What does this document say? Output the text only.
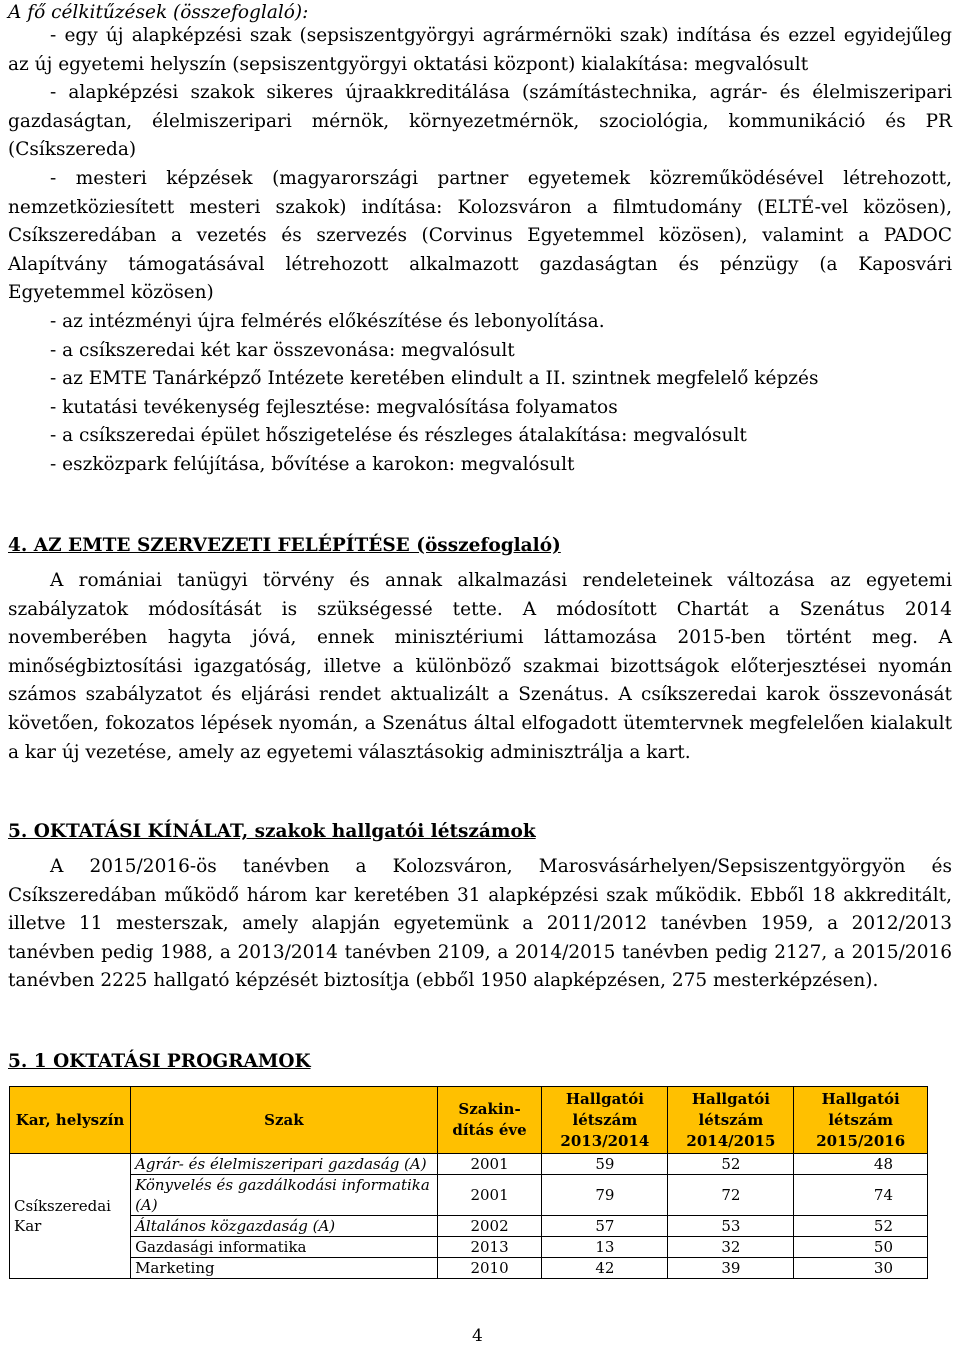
A fő célkitűzések (összefoglaló):

- egy új alapképzési szak (sepsiszentgyörgyi agrármérnöki szak) indítása és ezzel egyidejűleg az új egyetemi helyszín (sepsiszentgyörgyi oktatási központ) kialakítása: megvalósult

- alapképzési szakok sikeres újraakkreditálása (számítástechnika, agrár- és élelmiszeripari gazdaságtan, élelmiszeripari mérnök, környezetmérnök, szociológia, kommunikáció és PR (Csíkszereda)

- mesteri képzések (magyarországi partner egyetemek közreműködésével létrehozott, nemzetköziesített mesteri szakok) indítása: Kolozsváron a filmtudomány (ELTÉ-vel közösen), Csíkszeredában a vezetés és szervezés (Corvinus Egyetemmel közösen), valamint a PADOC Alapítvány támogatásával létrehozott alkalmazott gazdaságtan és pénzügy (a Kaposvári Egyetemmel közösen)

- az intézményi újra felmérés előkészítése és lebonyolítása.

- a csíkszeredai két kar összevonása: megvalósult

- az EMTE Tanárképző Intézete keretében elindult a II. szintnek megfelelő képzés

- kutatási tevékenység fejlesztése: megvalósítása folyamatos

- a csíkszeredai épület hőszigetelése és részleges átalakítása: megvalósult

- eszközpark felújítása, bővítése a karokon: megvalósult

4. AZ EMTE SZERVEZETI FELÉPÍTÉSE (összefoglaló)

A romániai tanügyi törvény és annak alkalmazási rendeleteinek változása az egyetemi szabályzatok módosítását is szükségessé tette. A módosított Chartát a Szenátus 2014 novemberében hagyta jóvá, ennek minisztériumi láttamozása 2015-ben történt meg. A minőségbiztosítási igazgatóság, illetve a különböző szakmai bizottságok előterjesztései nyomán számos szabályzatot és eljárási rendet aktualizált a Szenátus. A csíkszeredai karok összevonását követően, fokozatos lépések nyomán, a Szenátus által elfogadott ütemtervnek megfelelően kialakult a kar új vezetése, amely az egyetemi választásokig adminisztrálja a kart.

5. OKTATÁSI KÍNÁLAT, szakok hallgatói létszámok

A 2015/2016-ös tanévben a Kolozsváron, Marosvásárhelyen/Sepsiszentgyörgyön és Csíkszeredában működő három kar keretében 31 alapképzési szak működik. Ebből 18 akkreditált, illetve 11 mesterszak, amely alapján egyetemünk a 2011/2012 tanévben 1959, a 2012/2013 tanévben pedig 1988, a 2013/2014 tanévben 2109, a 2014/2015 tanévben pedig 2127, a 2015/2016 tanévben 2225 hallgató képzését biztosítja (ebből 1950 alapképzésen, 275 mesterképzésen).

5. 1 OKTATÁSI PROGRAMOK

Kar, helyszín	Szak	Szakin-dítás éve	Hallgatói létszám 2013/2014	Hallgatói létszám 2014/2015	Hallgatói létszám 2015/2016
Csíkszeredai Kar	Agrár- és élelmiszeripari gazdaság (A)	2001	59	52	48
	Könyvelés és gazdálkodási informatika (A)	2001	79	72	74
	Általános közgazdaság (A)	2002	57	53	52
	Gazdasági informatika	2013	13	32	50
	Marketing	2010	42	39	30
4
